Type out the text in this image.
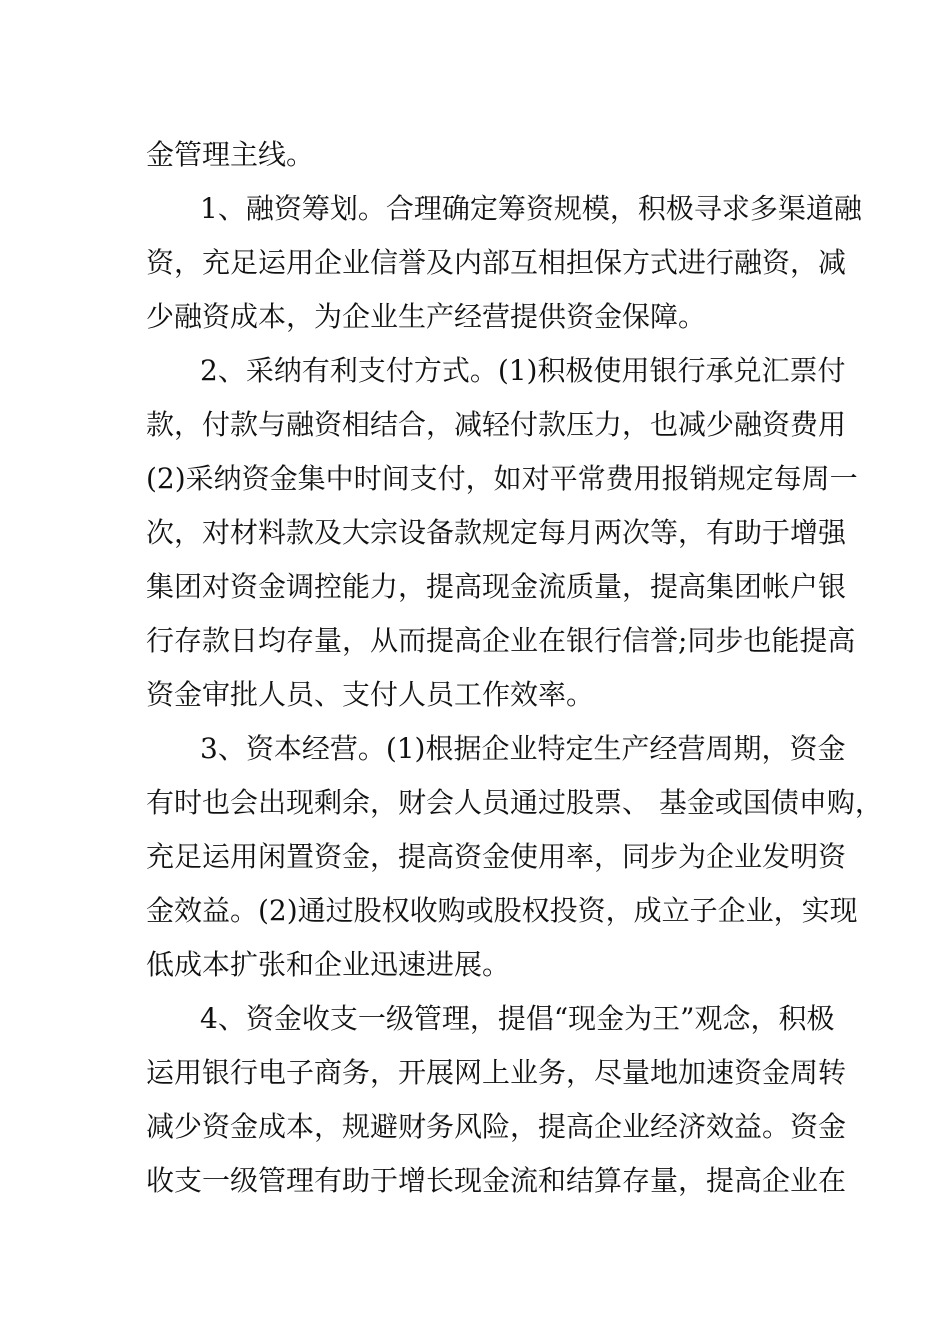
金管理主线。
1、融资筹划。合理确定筹资规模，积极寻求多渠道融
资，充足运用企业信誉及内部互相担保方式进行融资，减
少融资成本，为企业生产经营提供资金保障。
2、采纳有利支付方式。(1)积极使用银行承兑汇票付
款，付款与融资相结合，减轻付款压力，也减少融资费用
(2)采纳资金集中时间支付，如对平常费用报销规定每周一
次，对材料款及大宗设备款规定每月两次等，有助于增强
集团对资金调控能力，提高现金流质量，提高集团帐户银
行存款日均存量，从而提高企业在银行信誉;同步也能提高
资金审批人员、支付人员工作效率。
3、资本经营。(1)根据企业特定生产经营周期，资金
有时也会出现剩余，财会人员通过股票、 基金或国债申购，
充足运用闲置资金，提高资金使用率，同步为企业发明资
金效益。(2)通过股权收购或股权投资，成立子企业，实现
低成本扩张和企业迅速进展。
4、资金收支一级管理，提倡“现金为王”观念，积极
运用银行电子商务，开展网上业务，尽量地加速资金周转
减少资金成本，规避财务风险，提高企业经济效益。资金
收支一级管理有助于增长现金流和结算存量，提高企业在
